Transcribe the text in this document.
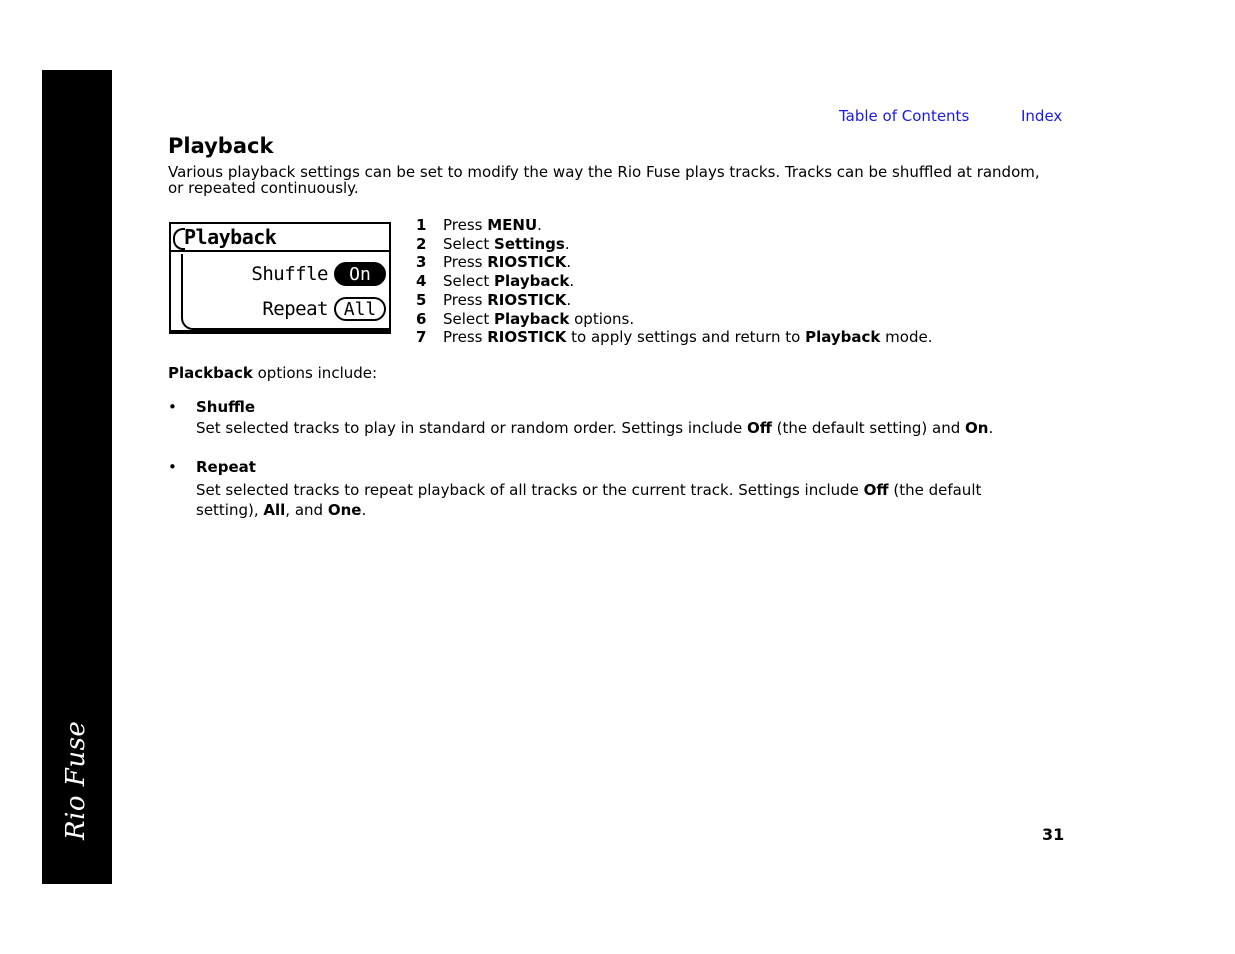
Rio Fuse
Table of Contents	Index
Playback

Various playback settings can be set to modify the way the Rio Fuse plays tracks. Tracks can be shuffled at random, or repeated continuously.

Playback
Shuffle	On
Repeat All
1	Press MENU.
2	Select Settings.
3	Press RIOSTICK.
4	Select Playback.
5	Press RIOSTICK.
6	Select Playback options.
7	Press RIOSTICK to apply settings and return to Playback mode.
Plackback options include:
• Shuffle
Set selected tracks to play in standard or random order. Settings include Off (the default setting) and On.
• Repeat
Set selected tracks to repeat playback of all tracks or the current track. Settings include Off (the default setting), All, and One.
31
